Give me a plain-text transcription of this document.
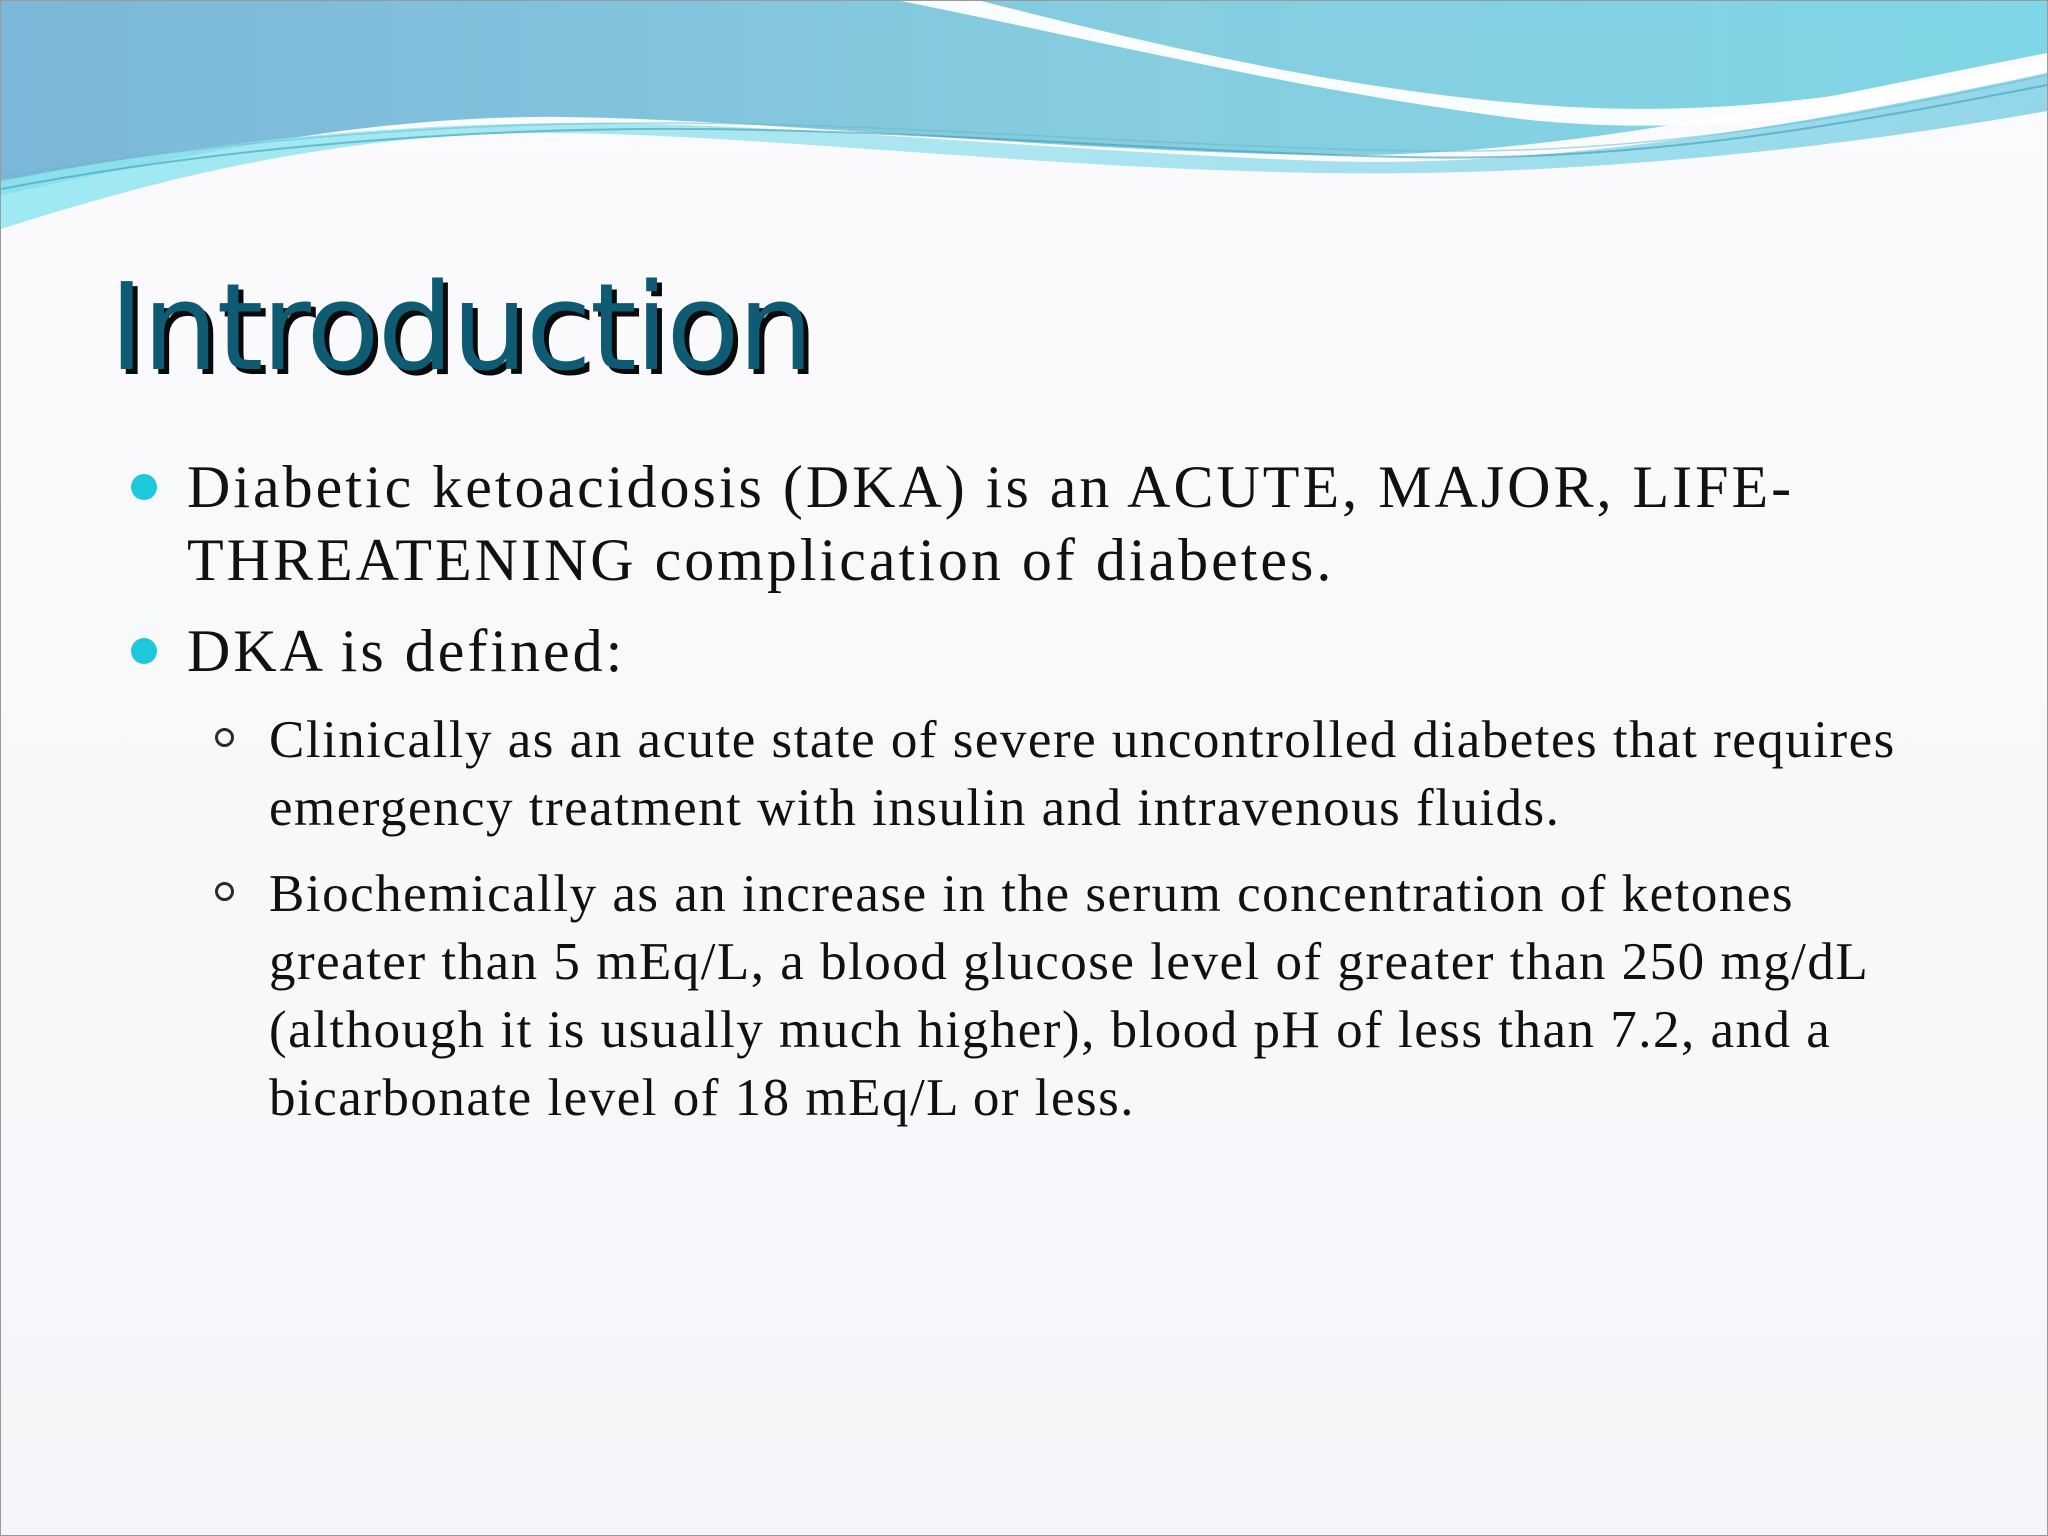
Introduction
Diabetic ketoacidosis (DKA) is an ACUTE, MAJOR, LIFE-THREATENING complication of diabetes.
DKA is defined:
Clinically as an acute state of severe uncontrolled diabetes that requires emergency treatment with insulin and intravenous fluids.
Biochemically as an increase in the serum concentration of ketones greater than 5 mEq/L, a blood glucose level of greater than 250 mg/dL (although it is usually much higher), blood pH of less than 7.2, and a bicarbonate level of 18 mEq/L or less.
